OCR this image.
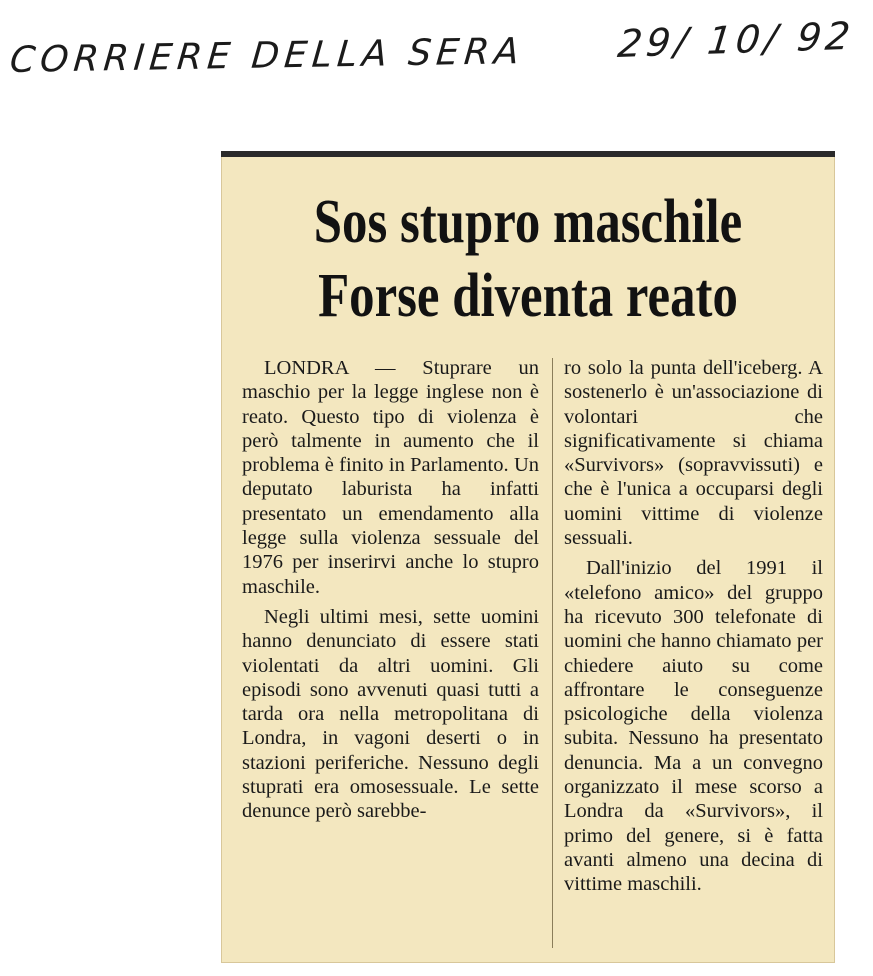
CORRIERE DELLA SERA 29/ 10/ 92
Sos stupro maschile
Forse diventa reato

LONDRA — Stuprare un maschio per la legge inglese non è reato. Questo tipo di violenza è però talmente in aumento che il problema è finito in Parlamento. Un deputato laburista ha infatti presentato un emendamento alla legge sulla violenza sessuale del 1976 per inserirvi anche lo stupro maschile.

Negli ultimi mesi, sette uomini hanno denunciato di essere stati violentati da altri uomini. Gli episodi sono avvenuti quasi tutti a tarda ora nella metropolitana di Londra, in vagoni deserti o in stazioni periferiche. Nessuno degli stuprati era omosessuale. Le sette denunce però sarebbe-

ro solo la punta dell'iceberg. A sostenerlo è un'associazione di volontari che significativamente si chiama «Survivors» (sopravvissuti) e che è l'unica a occuparsi degli uomini vittime di violenze sessuali.

Dall'inizio del 1991 il «telefono amico» del gruppo ha ricevuto 300 telefonate di uomini che hanno chiamato per chiedere aiuto su come affrontare le conseguenze psicologiche della violenza subita. Nessuno ha presentato denuncia. Ma a un convegno organizzato il mese scorso a Londra da «Survivors», il primo del genere, si è fatta avanti almeno una decina di vittime maschili.
